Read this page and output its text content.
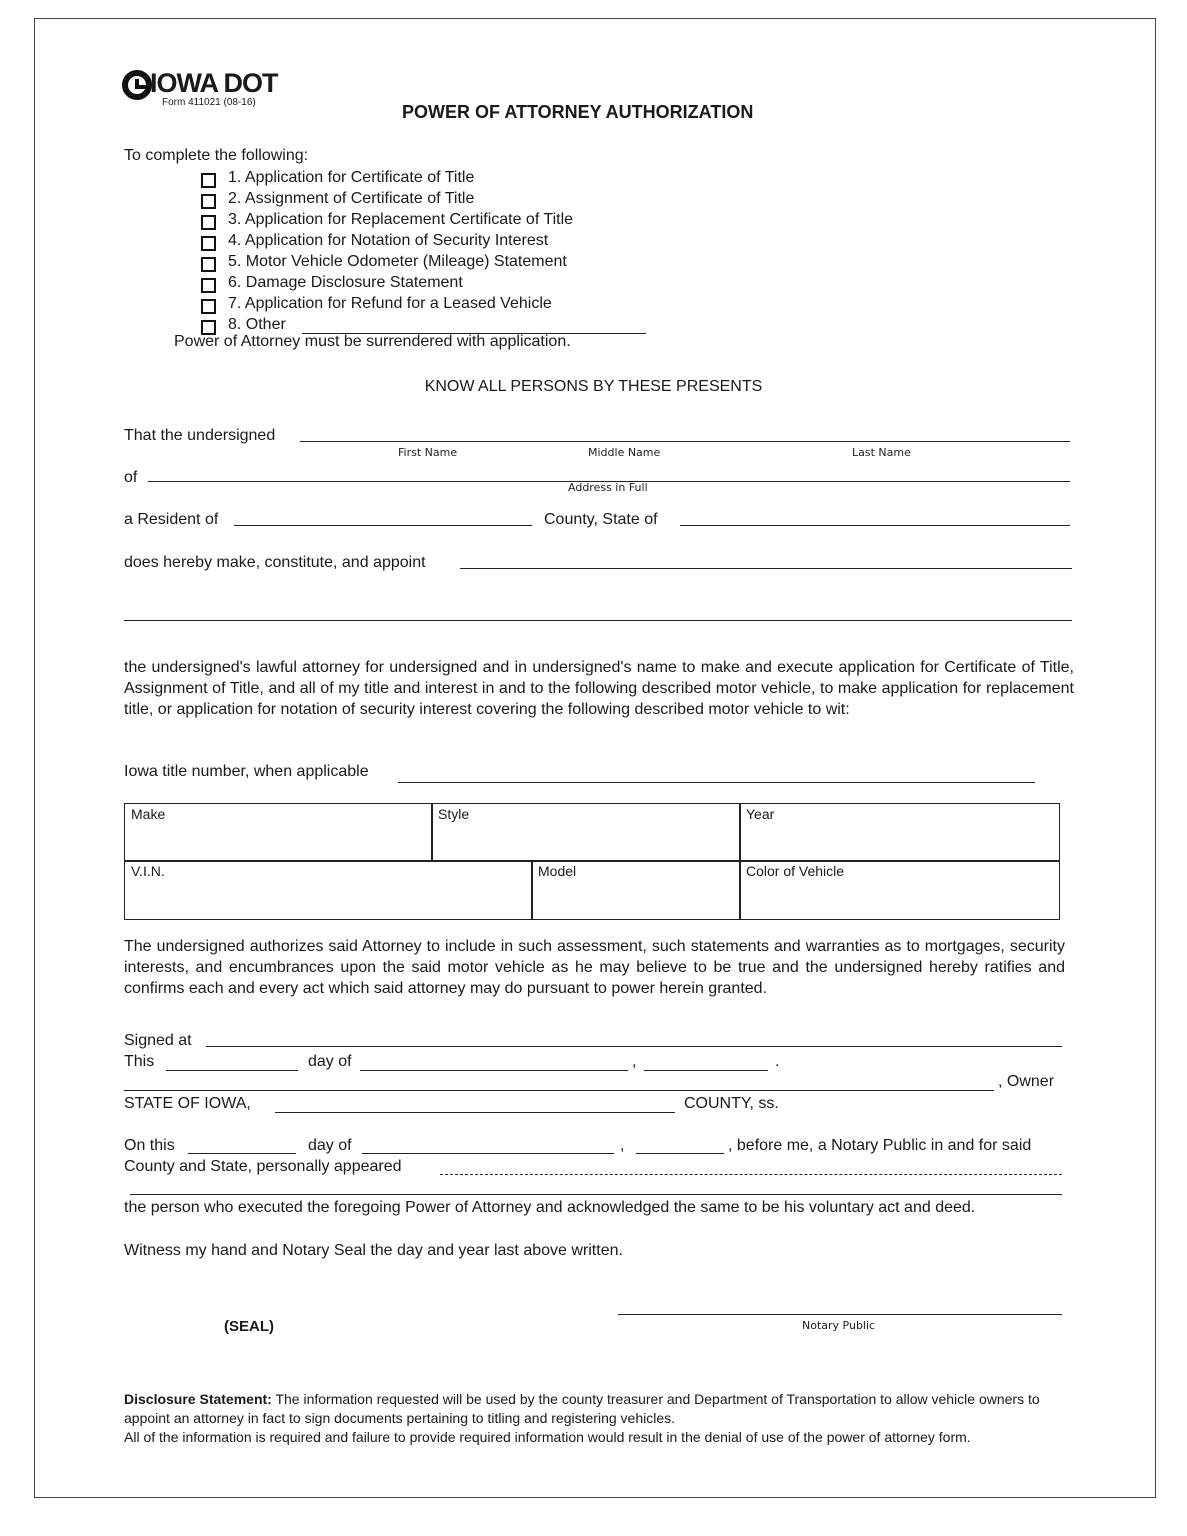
IOWA DOT
Form 411021 (08-16)	POWER OF ATTORNEY AUTHORIZATION
To complete the following:
1. Application for Certificate of Title
2. Assignment of Certificate of Title
3. Application for Replacement Certificate of Title
4. Application for Notation of Security Interest
5. Motor Vehicle Odometer (Mileage) Statement
6. Damage Disclosure Statement
7. Application for Refund for a Leased Vehicle
8. Other
Power of Attorney must be surrendered with application.
KNOW ALL PERSONS BY THESE PRESENTS
That the undersigned
First Name	Middle Name	Last Name
of
Address in Full
a Resident of	County, State of
does hereby make, constitute, and appoint
the undersigned's lawful attorney for undersigned and in undersigned's name to make and execute application for Certificate of Title, Assignment of Title, and all of my title and interest in and to the following described motor vehicle, to make application for replacement title, or application for notation of security interest covering the following described motor vehicle to wit:
Iowa title number, when applicable
Make	Style	Year
V.I.N.	Model	Color of Vehicle
The undersigned authorizes said Attorney to include in such assessment, such statements and warranties as to mortgages, security interests, and encumbrances upon the said motor vehicle as he may believe to be true and the undersigned hereby ratifies and confirms each and every act which said attorney may do pursuant to power herein granted.
Signed at
This	day of	,	.
, Owner
STATE OF IOWA,	COUNTY, ss.
On this	day of	,	, before me, a Notary Public in and for said
County and State, personally appeared
the person who executed the foregoing Power of Attorney and acknowledged the same to be his voluntary act and deed.
Witness my hand and Notary Seal the day and year last above written.
(SEAL)	Notary Public
Disclosure Statement: The information requested will be used by the county treasurer and Department of Transportation to allow vehicle owners to appoint an attorney in fact to sign documents pertaining to titling and registering vehicles.
All of the information is required and failure to provide required information would result in the denial of use of the power of attorney form.
